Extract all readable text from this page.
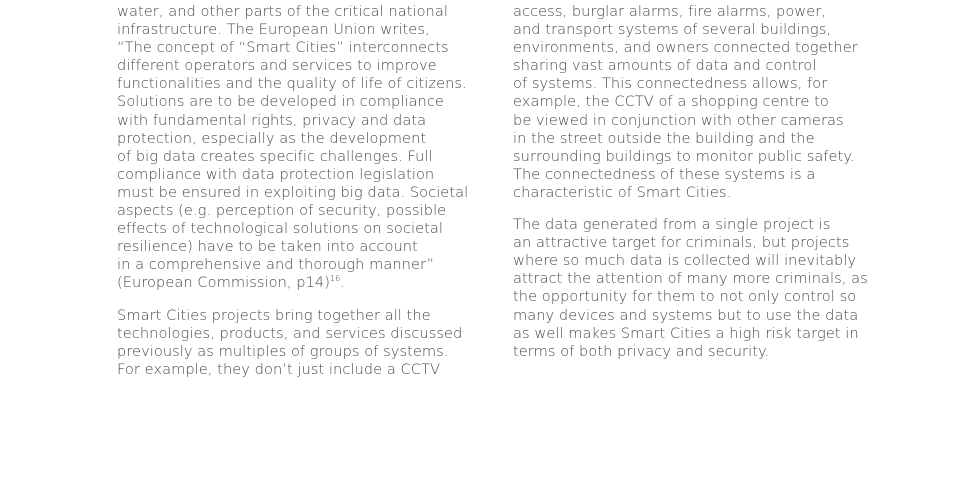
water, and other parts of the critical national
infrastructure. The European Union writes,
“The concept of “Smart Cities” interconnects
different operators and services to improve
functionalities and the quality of life of citizens.
Solutions are to be developed in compliance
with fundamental rights, privacy and data
protection, especially as the development
of big data creates specific challenges. Full
compliance with data protection legislation
must be ensured in exploiting big data. Societal
aspects (e.g. perception of security, possible
effects of technological solutions on societal
resilience) have to be taken into account
in a comprehensive and thorough manner”
(European Commission, p14)$^{16}$.
Smart Cities projects bring together all the
technologies, products, and services discussed
previously as multiples of groups of systems.
For example, they don’t just include a CCTV
access, burglar alarms, fire alarms, power,
and transport systems of several buildings,
environments, and owners connected together
sharing vast amounts of data and control
of systems. This connectedness allows, for
example, the CCTV of a shopping centre to
be viewed in conjunction with other cameras
in the street outside the building and the
surrounding buildings to monitor public safety.
The connectedness of these systems is a
characteristic of Smart Cities.
The data generated from a single project is
an attractive target for criminals, but projects
where so much data is collected will inevitably
attract the attention of many more criminals, as
the opportunity for them to not only control so
many devices and systems but to use the data
as well makes Smart Cities a high risk target in
terms of both privacy and security.
